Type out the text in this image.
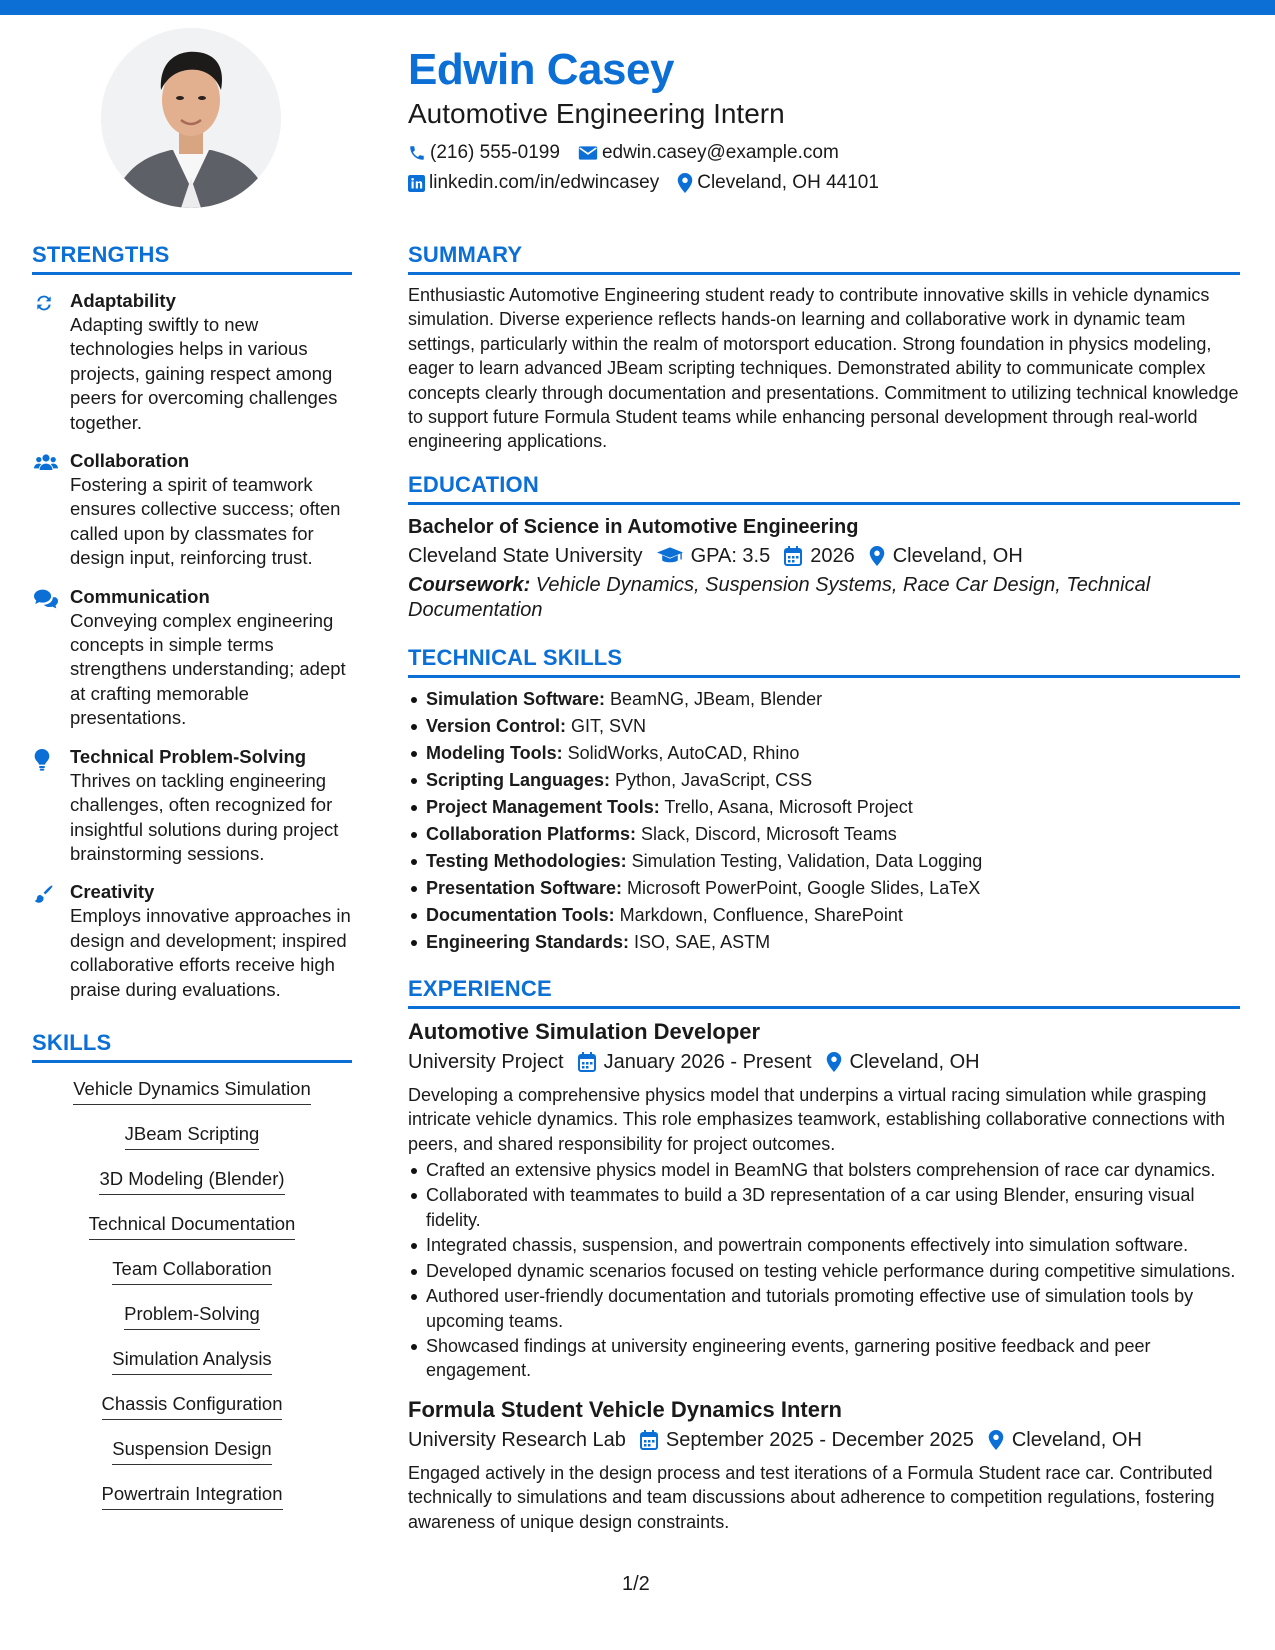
Edwin Casey
Automotive Engineering Intern
(216) 555-0199 edwin.casey@example.com
linkedin.com/in/edwincasey Cleveland, OH 44101
STRENGTHS
Adaptability
Adapting swiftly to new technologies helps in various projects, gaining respect among peers for overcoming challenges together.
Collaboration
Fostering a spirit of teamwork ensures collective success; often called upon by classmates for design input, reinforcing trust.
Communication
Conveying complex engineering concepts in simple terms strengthens understanding; adept at crafting memorable presentations.
Technical Problem-Solving
Thrives on tackling engineering challenges, often recognized for insightful solutions during project brainstorming sessions.
Creativity
Employs innovative approaches in design and development; inspired collaborative efforts receive high praise during evaluations.
SKILLS
Vehicle Dynamics Simulation
JBeam Scripting
3D Modeling (Blender)
Technical Documentation
Team Collaboration
Problem-Solving
Simulation Analysis
Chassis Configuration
Suspension Design
Powertrain Integration
SUMMARY
Enthusiastic Automotive Engineering student ready to contribute innovative skills in vehicle dynamics simulation. Diverse experience reflects hands-on learning and collaborative work in dynamic team settings, particularly within the realm of motorsport education. Strong foundation in physics modeling, eager to learn advanced JBeam scripting techniques. Demonstrated ability to communicate complex concepts clearly through documentation and presentations. Commitment to utilizing technical knowledge to support future Formula Student teams while enhancing personal development through real-world engineering applications.
EDUCATION
Bachelor of Science in Automotive Engineering
Cleveland State University GPA: 3.5 2026 Cleveland, OH
Coursework: Vehicle Dynamics, Suspension Systems, Race Car Design, Technical Documentation
TECHNICAL SKILLS
Simulation Software: BeamNG, JBeam, Blender
Version Control: GIT, SVN
Modeling Tools: SolidWorks, AutoCAD, Rhino
Scripting Languages: Python, JavaScript, CSS
Project Management Tools: Trello, Asana, Microsoft Project
Collaboration Platforms: Slack, Discord, Microsoft Teams
Testing Methodologies: Simulation Testing, Validation, Data Logging
Presentation Software: Microsoft PowerPoint, Google Slides, LaTeX
Documentation Tools: Markdown, Confluence, SharePoint
Engineering Standards: ISO, SAE, ASTM
EXPERIENCE
Automotive Simulation Developer
University Project January 2026 - Present Cleveland, OH
Developing a comprehensive physics model that underpins a virtual racing simulation while grasping intricate vehicle dynamics. This role emphasizes teamwork, establishing collaborative connections with peers, and shared responsibility for project outcomes.
Crafted an extensive physics model in BeamNG that bolsters comprehension of race car dynamics.
Collaborated with teammates to build a 3D representation of a car using Blender, ensuring visual fidelity.
Integrated chassis, suspension, and powertrain components effectively into simulation software.
Developed dynamic scenarios focused on testing vehicle performance during competitive simulations.
Authored user-friendly documentation and tutorials promoting effective use of simulation tools by upcoming teams.
Showcased findings at university engineering events, garnering positive feedback and peer engagement.
Formula Student Vehicle Dynamics Intern
University Research Lab September 2025 - December 2025 Cleveland, OH
Engaged actively in the design process and test iterations of a Formula Student race car. Contributed technically to simulations and team discussions about adherence to competition regulations, fostering awareness of unique design constraints.
1/2
